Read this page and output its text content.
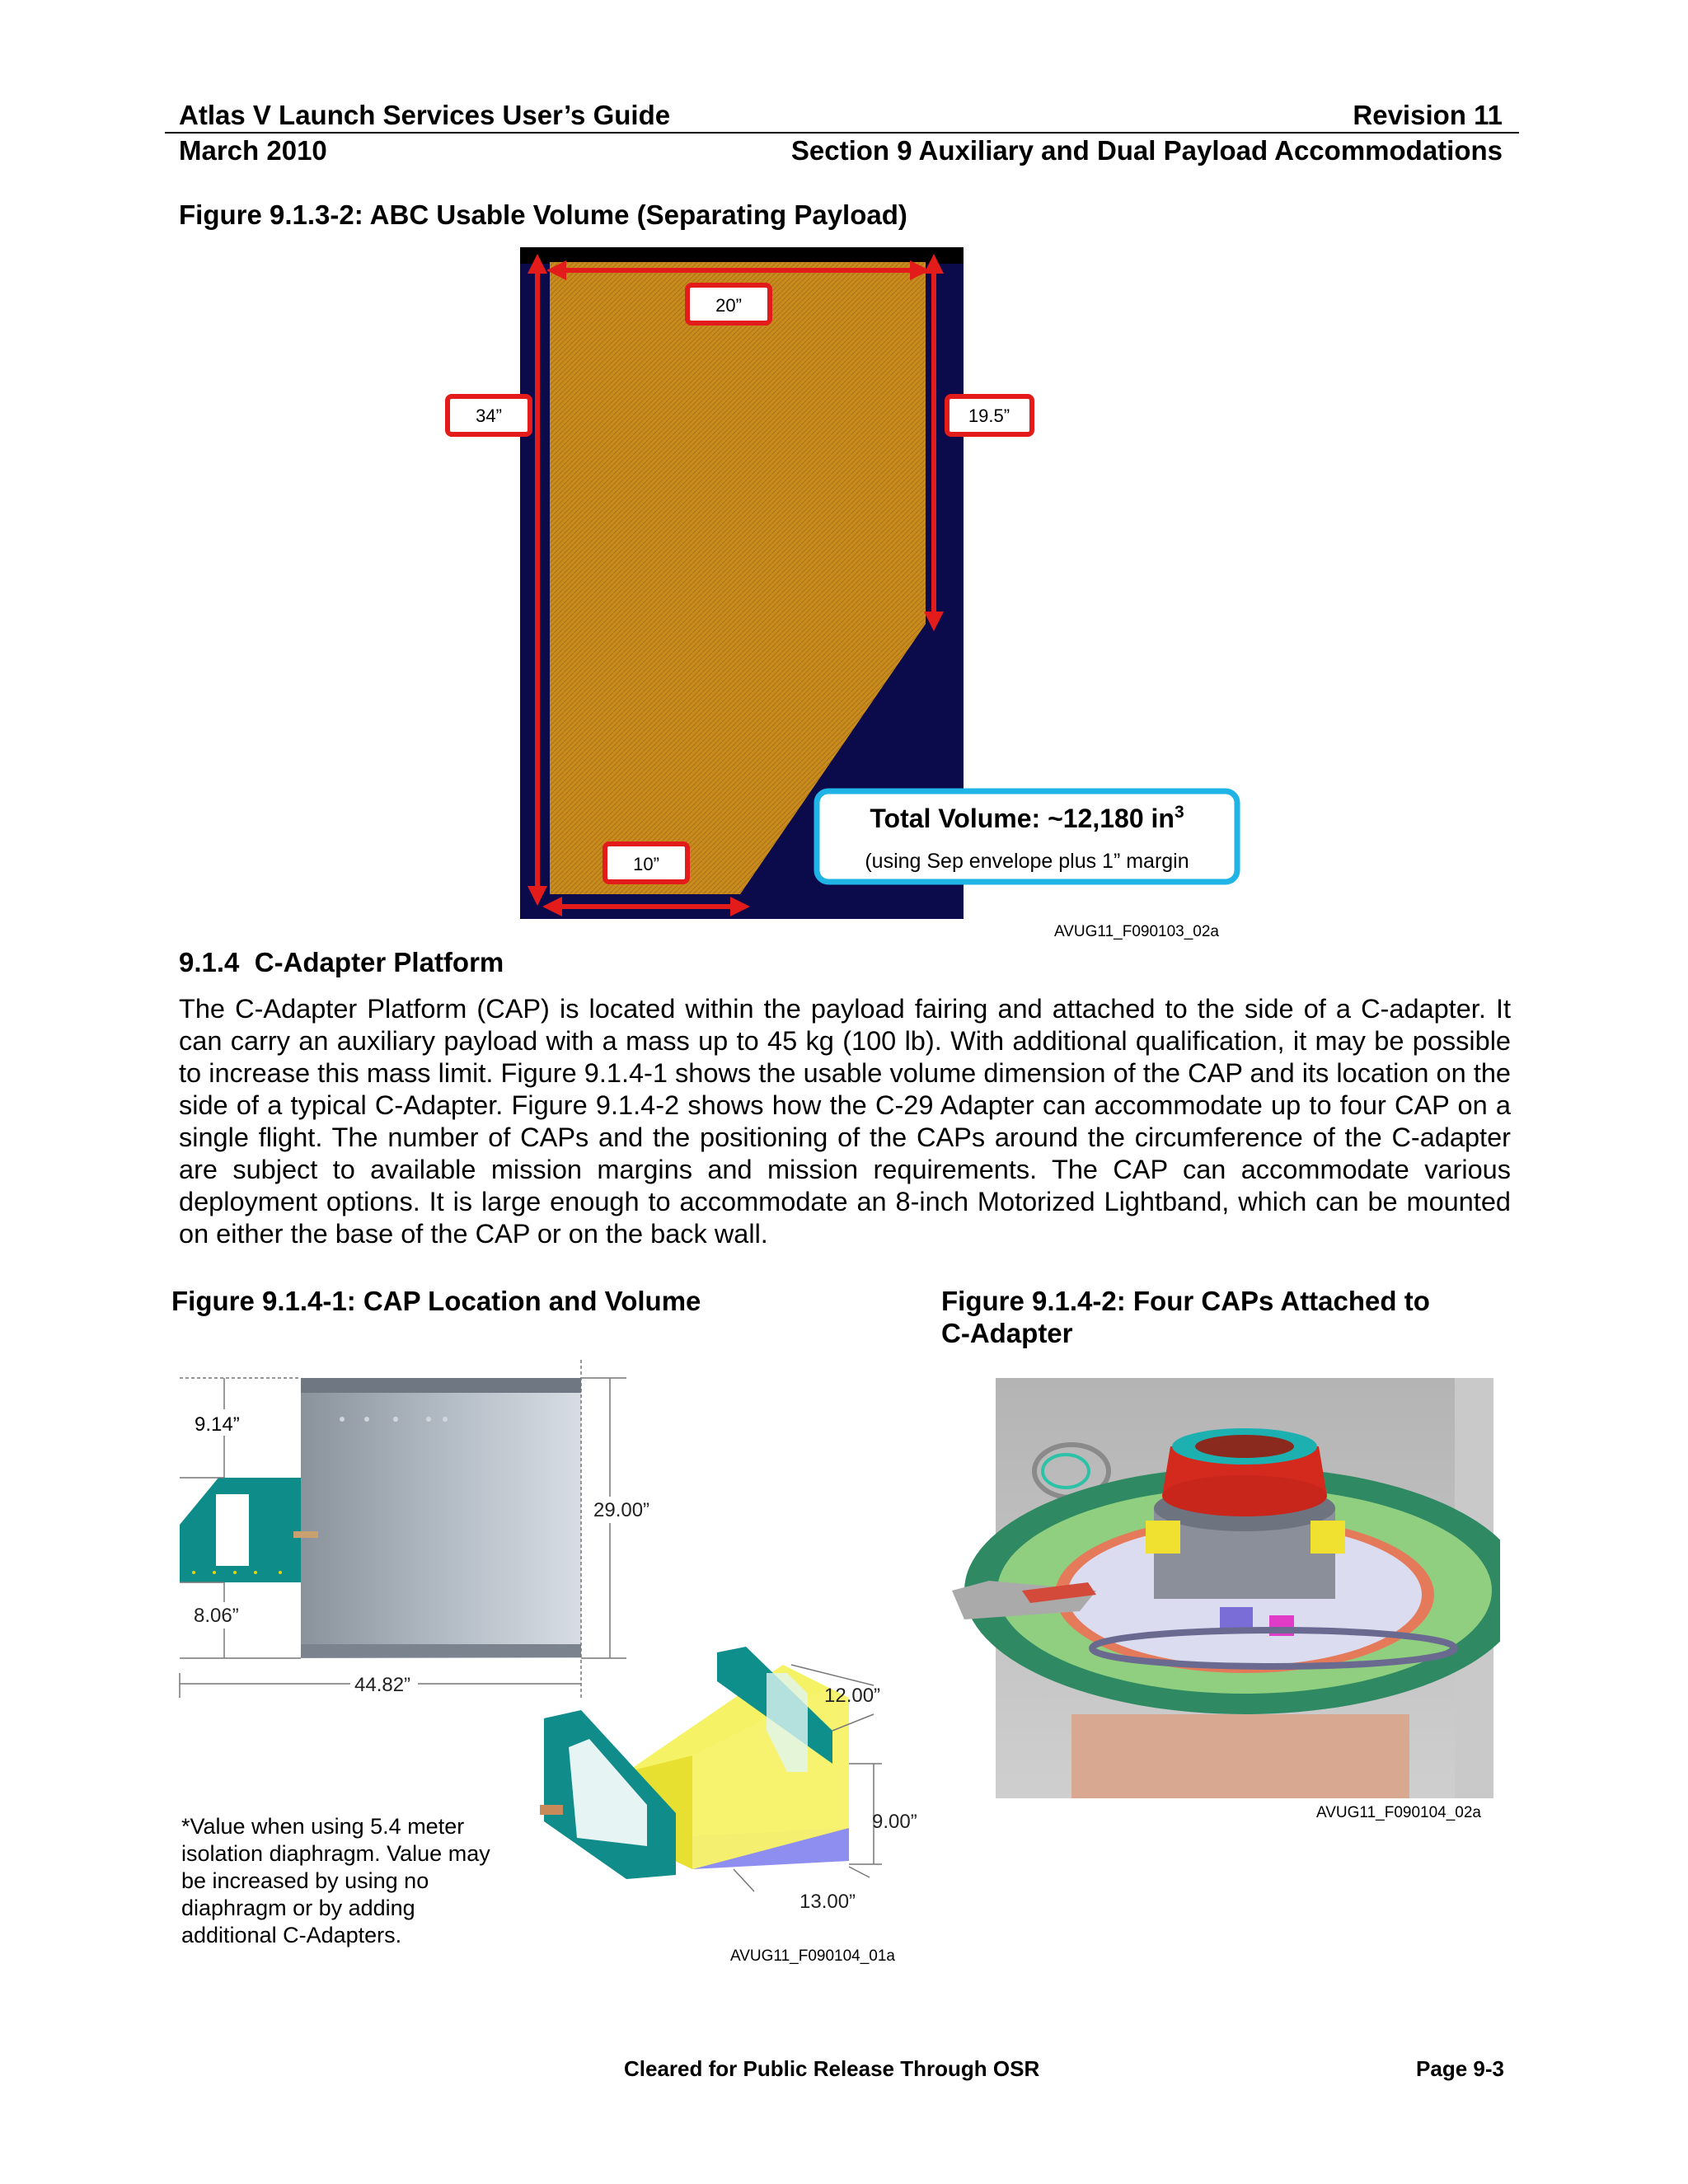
Atlas V Launch Services User’s Guide	Revision 11
March 2010	Section 9 Auxiliary and Dual Payload Accommodations
Figure 9.1.3-2: ABC Usable Volume (Separating Payload)
20”
34”	19.5”
10”
Total Volume: ~12,180 $in^3$
(using Sep envelope plus 1” margin
AVUG11_F090103_02a
9.1.4 C-Adapter Platform
The C-Adapter Platform (CAP) is located within the payload fairing and attached to the side of a C-adapter. It can carry an auxiliary payload with a mass up to 45 kg (100 lb). With additional qualification, it may be possible to increase this mass limit. Figure 9.1.4-1 shows the usable volume dimension of the CAP and its location on the side of a typical C-Adapter. Figure 9.1.4-2 shows how the C-29 Adapter can accommodate up to four CAP on a single flight. The number of CAPs and the positioning of the CAPs around the circumference of the C-adapter are subject to available mission margins and mission requirements. The CAP can accommodate various deployment options. It is large enough to accommodate an 8-inch Motorized Lightband, which can be mounted on either the base of the CAP or on the back wall.
Figure 9.1.4-1: CAP Location and Volume	Figure 9.1.4-2: Four CAPs Attached to
C-Adapter
9.14”
29.00”
8.06”
44.82”	12.00”
9.00”
13.00”
*Value when using 5.4 meter isolation diaphragm. Value may be increased by using no diaphragm or by adding additional C-Adapters.
AVUG11_F090104_01a
AVUG11_F090104_02a
Cleared for Public Release Through OSR	Page 9-3
